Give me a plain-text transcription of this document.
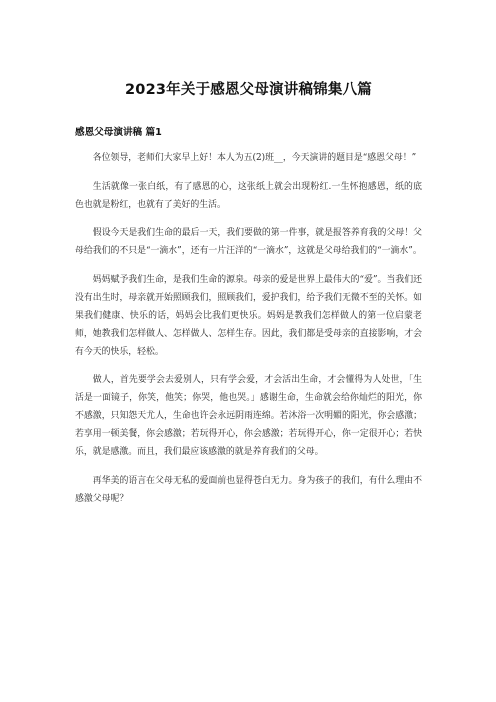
2023年关于感恩父母演讲稿锦集八篇
感恩父母演讲稿 篇1

各位领导，老师们大家早上好！本人为五(2)班__，今天演讲的题目是“感恩父母！”

生活就像一张白纸，有了感恩的心，这张纸上就会出现粉红.一生怀抱感恩，纸的底色也就是粉红，也就有了美好的生活。

假设今天是我们生命的最后一天，我们要做的第一件事，就是报答养育我的父母！父母给我们的不只是“一滴水”，还有一片汪洋的“一滴水”，这就是父母给我们的“一滴水”。

妈妈赋予我们生命，是我们生命的源泉。母亲的爱是世界上最伟大的“爱”。当我们还没有出生时，母亲就开始照顾我们，照顾我们，爱护我们，给予我们无微不至的关怀。如果我们健康、快乐的话，妈妈会比我们更快乐。妈妈是教我们怎样做人的第一位启蒙老师，她教我们怎样做人、怎样做人、怎样生存。因此，我们都是受母亲的直接影响，才会有今天的快乐，轻松。

做人，首先要学会去爱别人，只有学会爱，才会活出生命，才会懂得为人处世，「生活是一面镜子，你笑，他笑；你哭，他也哭。」感谢生命，生命就会给你灿烂的阳光，你不感激，只知怨天尤人，生命也许会永远阴雨连绵。若沐浴一次明媚的阳光，你会感激；若享用一顿美餐，你会感激；若玩得开心，你会感激；若玩得开心，你一定很开心；若快乐，就是感激。而且，我们最应该感激的就是养育我们的父母。

再华美的语言在父母无私的爱面前也显得苍白无力。身为孩子的我们，有什么理由不感激父母呢？
